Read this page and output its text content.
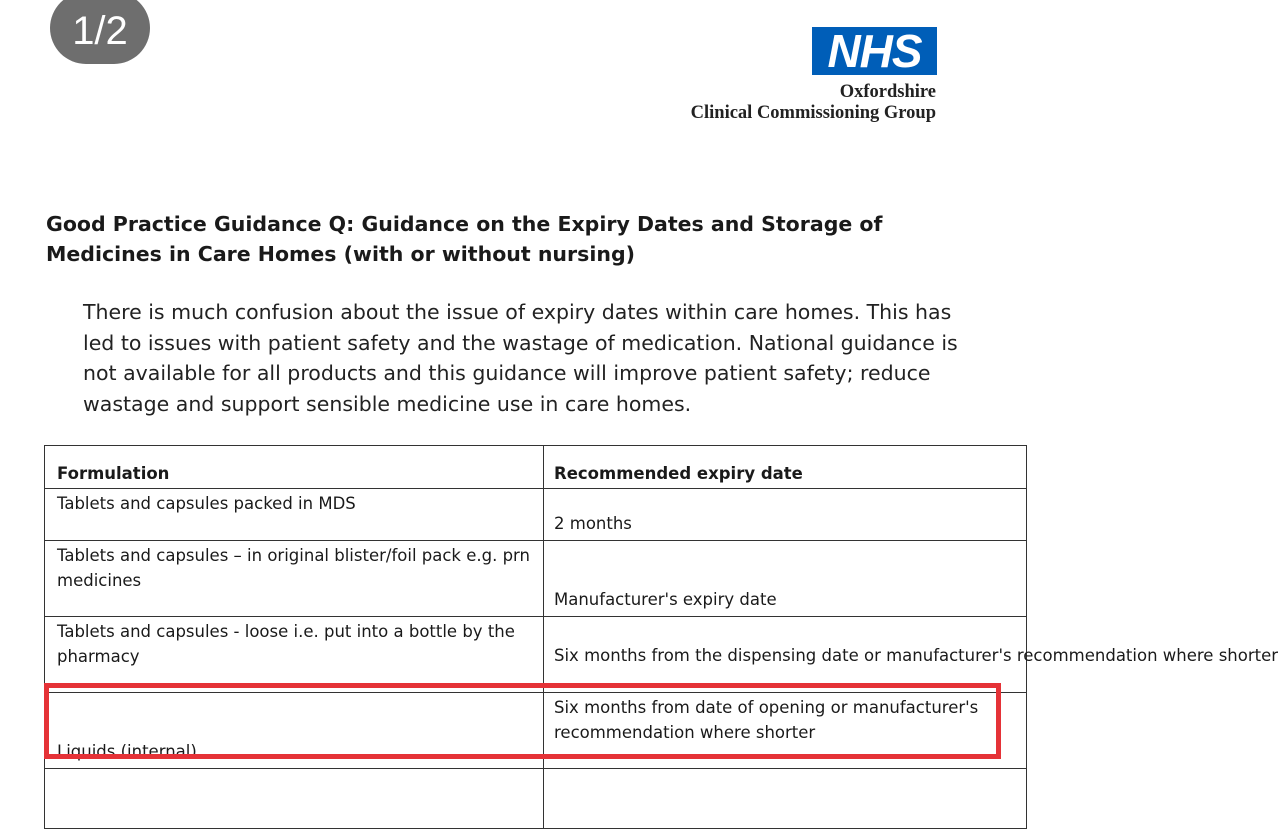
1/2	NHS
Oxfordshire
Clinical Commissioning Group
Good Practice Guidance Q: Guidance on the Expiry Dates and Storage of Medicines in Care Homes (with or without nursing)
There is much confusion about the issue of expiry dates within care homes. This has led to issues with patient safety and the wastage of medication. National guidance is not available for all products and this guidance will improve patient safety; reduce wastage and support sensible medicine use in care homes.
Formulation	Recommended expiry date
Tablets and capsules packed in MDS	2 months
Tablets and capsules – in original blister/foil pack e.g. prn medicines	Manufacturer's expiry date
Tablets and capsules - loose i.e. put into a bottle by the pharmacy	Six months from the dispensing date or manufacturer's recommendation where shorter
Liquids (internal)	Six months from date of opening or manufacturer's recommendation where shorter
